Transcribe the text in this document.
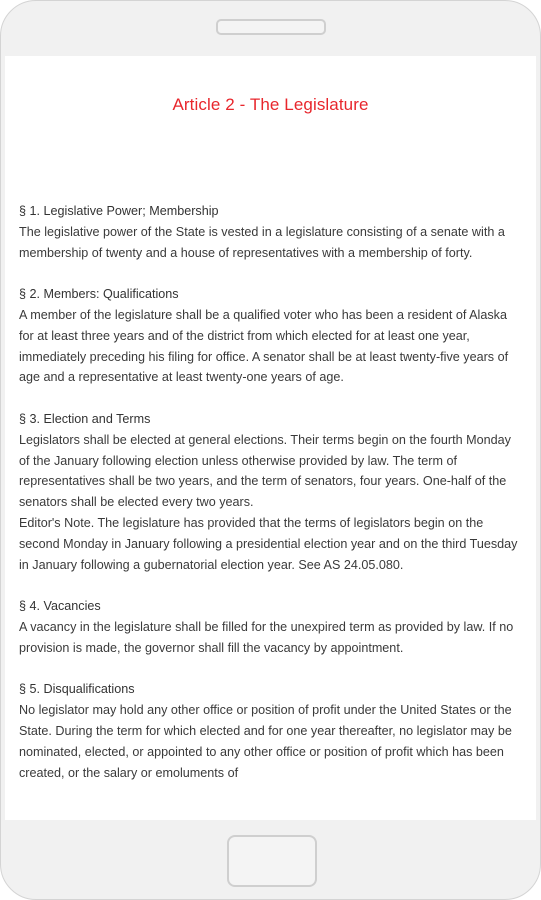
Article 2 - The Legislature
§ 1. Legislative Power; Membership
The legislative power of the State is vested in a legislature consisting of a senate with a membership of twenty and a house of representatives with a membership of forty.
§ 2. Members: Qualifications
A member of the legislature shall be a qualified voter who has been a resident of Alaska for at least three years and of the district from which elected for at least one year, immediately preceding his filing for office. A senator shall be at least twenty-five years of age and a representative at least twenty-one years of age.
§ 3. Election and Terms
Legislators shall be elected at general elections. Their terms begin on the fourth Monday of the January following election unless otherwise provided by law. The term of representatives shall be two years, and the term of senators, four years. One-half of the senators shall be elected every two years.
Editor's Note. The legislature has provided that the terms of legislators begin on the second Monday in January following a presidential election year and on the third Tuesday in January following a gubernatorial election year. See AS 24.05.080.
§ 4. Vacancies
A vacancy in the legislature shall be filled for the unexpired term as provided by law. If no provision is made, the governor shall fill the vacancy by appointment.
§ 5. Disqualifications
No legislator may hold any other office or position of profit under the United States or the State. During the term for which elected and for one year thereafter, no legislator may be nominated, elected, or appointed to any other office or position of profit which has been created, or the salary or emoluments of
